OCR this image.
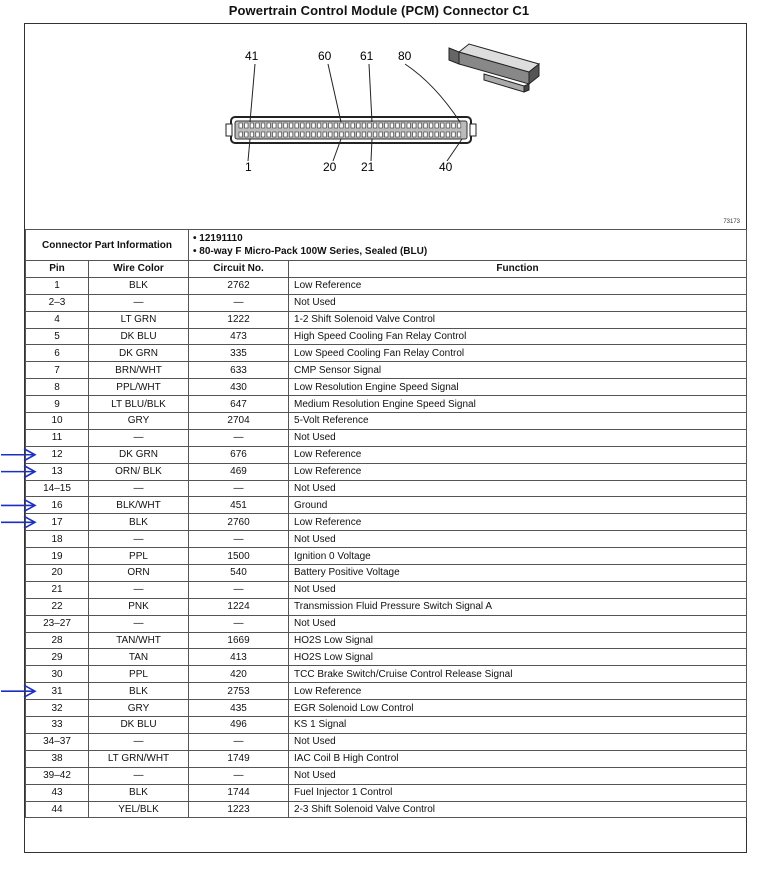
Powertrain Control Module (PCM) Connector C1
41	60 61 80
1	20 21	40
73173
Connector Part Information		• 12191110
• 80-way F Micro-Pack 100W Series, Sealed (BLU)	

Pin	Wire Color	Circuit No.	Function
1	BLK	2762	Low Reference
2–3	—	—	Not Used
4	LT GRN	1222	1-2 Shift Solenoid Valve Control
5	DK BLU	473	High Speed Cooling Fan Relay Control
6	DK GRN	335	Low Speed Cooling Fan Relay Control
7	BRN/WHT	633	CMP Sensor Signal
8	PPL/WHT	430	Low Resolution Engine Speed Signal
9	LT BLU/BLK	647	Medium Resolution Engine Speed Signal
10	GRY	2704	5-Volt Reference
11	—	—	Not Used
12	DK GRN	676	Low Reference
13	ORN/ BLK	469	Low Reference
14–15	—	—	Not Used
16	BLK/WHT	451	Ground
17	BLK	2760	Low Reference
18	—	—	Not Used
19	PPL	1500	Ignition 0 Voltage
20	ORN	540	Battery Positive Voltage
21	—	—	Not Used
22	PNK	1224	Transmission Fluid Pressure Switch Signal A
23–27	—	—	Not Used
28	TAN/WHT	1669	HO2S Low Signal
29	TAN	413	HO2S Low Signal
30	PPL	420	TCC Brake Switch/Cruise Control Release Signal
31	BLK	2753	Low Reference
32	GRY	435	EGR Solenoid Low Control
33	DK BLU	496	KS 1 Signal
34–37	—	—	Not Used
38	LT GRN/WHT	1749	IAC Coil B High Control
39–42	—	—	Not Used
43	BLK	1744	Fuel Injector 1 Control
44	YEL/BLK	1223	2-3 Shift Solenoid Valve Control
